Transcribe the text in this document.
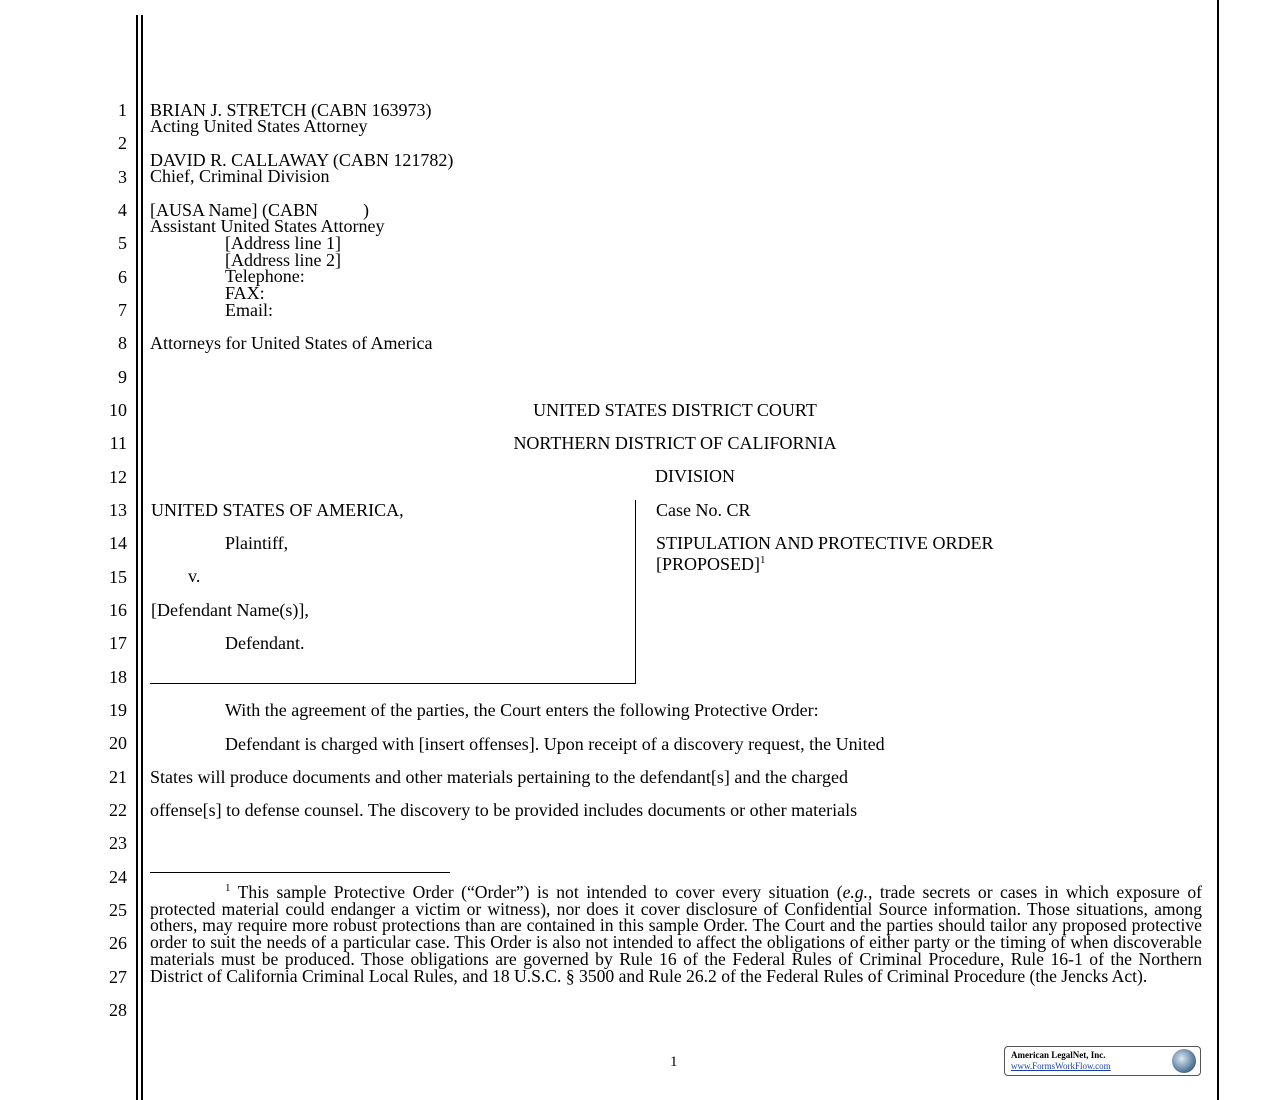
1
2
3
4
5
6
7
8
9
10
11
12
13
14
15
16
17
18
19
20
21
22
23
24
25
26
27
28
BRIAN J. STRETCH (CABN 163973)
Acting United States Attorney
DAVID R. CALLAWAY (CABN 121782)
Chief, Criminal Division
[AUSA Name] (CABN          )
Assistant United States Attorney
[Address line 1]
[Address line 2]
Telephone:
FAX:
Email:
Attorneys for United States of America
UNITED STATES DISTRICT COURT
NORTHERN DISTRICT OF CALIFORNIA
DIVISION
UNITED STATES OF AMERICA,
Plaintiff,
v.
[Defendant Name(s)],
Defendant.
Case No. CR
STIPULATION AND PROTECTIVE ORDER
[PROPOSED]$^1$
With the agreement of the parties, the Court enters the following Protective Order:
Defendant is charged with [insert offenses]. Upon receipt of a discovery request, the United
States will produce documents and other materials pertaining to the defendant[s] and the charged
offense[s] to defense counsel. The discovery to be provided includes documents or other materials
$^1$ This sample Protective Order (“Order”) is not intended to cover every situation (e.g., trade secrets or cases in which exposure of protected material could endanger a victim or witness), nor does it cover disclosure of Confidential Source information. Those situations, among others, may require more robust protections than are contained in this sample Order. The Court and the parties should tailor any proposed protective order to suit the needs of a particular case. This Order is also not intended to affect the obligations of either party or the timing of when discoverable materials must be produced. Those obligations are governed by Rule 16 of the Federal Rules of Criminal Procedure, Rule 16-1 of the Northern District of California Criminal Local Rules, and 18 U.S.C. § 3500 and Rule 26.2 of the Federal Rules of Criminal Procedure (the Jencks Act).
1	American LegalNet, Inc.
www.FormsWorkFlow.com
